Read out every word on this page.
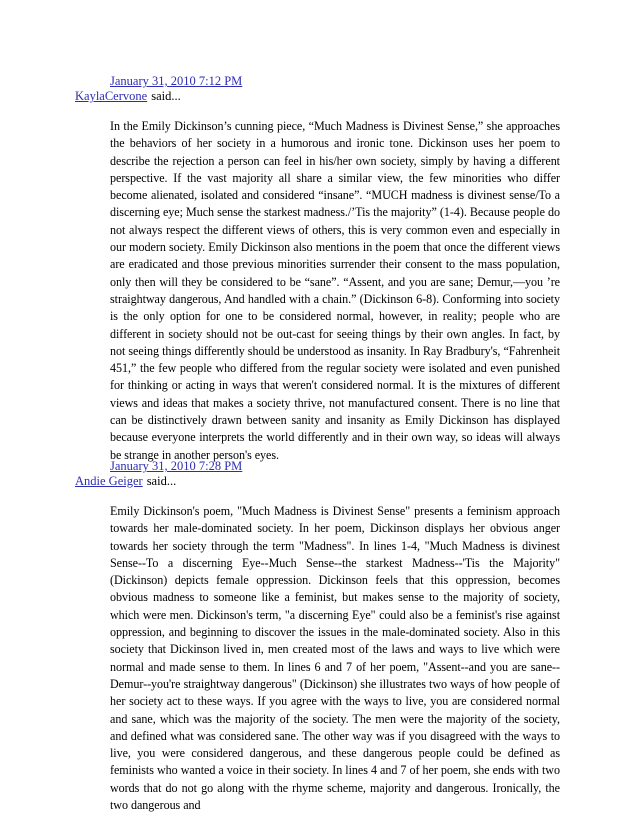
January 31, 2010 7:12 PM
KaylaCervone said...
In the Emily Dickinson’s cunning piece, “Much Madness is Divinest Sense,” she approaches the behaviors of her society in a humorous and ironic tone. Dickinson uses her poem to describe the rejection a person can feel in his/her own society, simply by having a different perspective. If the vast majority all share a similar view, the few minorities who differ become alienated, isolated and considered “insane”. “MUCH madness is divinest sense/To a discerning eye; Much sense the starkest madness./’Tis the majority” (1-4). Because people do not always respect the different views of others, this is very common even and especially in our modern society. Emily Dickinson also mentions in the poem that once the different views are eradicated and those previous minorities surrender their consent to the mass population, only then will they be considered to be “sane”. “Assent, and you are sane; Demur,—you ’re straightway dangerous, And handled with a chain.” (Dickinson 6-8). Conforming into society is the only option for one to be considered normal, however, in reality; people who are different in society should not be out-cast for seeing things by their own angles. In fact, by not seeing things differently should be understood as insanity. In Ray Bradbury's, “Fahrenheit 451,” the few people who differed from the regular society were isolated and even punished for thinking or acting in ways that weren't considered normal. It is the mixtures of different views and ideas that makes a society thrive, not manufactured consent. There is no line that can be distinctively drawn between sanity and insanity as Emily Dickinson has displayed because everyone interprets the world differently and in their own way, so ideas will always be strange in another person's eyes.
January 31, 2010 7:28 PM
Andie Geiger said...
Emily Dickinson's poem, "Much Madness is Divinest Sense" presents a feminism approach towards her male-dominated society. In her poem, Dickinson displays her obvious anger towards her society through the term "Madness". In lines 1-4, "Much Madness is divinest Sense--To a discerning Eye--Much Sense--the starkest Madness--'Tis the Majority" (Dickinson) depicts female oppression. Dickinson feels that this oppression, becomes obvious madness to someone like a feminist, but makes sense to the majority of society, which were men. Dickinson's term, "a discerning Eye" could also be a feminist's rise against oppression, and beginning to discover the issues in the male-dominated society. Also in this society that Dickinson lived in, men created most of the laws and ways to live which were normal and made sense to them. In lines 6 and 7 of her poem, "Assent--and you are sane--Demur--you're straightway dangerous" (Dickinson) she illustrates two ways of how people of her society act to these ways. If you agree with the ways to live, you are considered normal and sane, which was the majority of the society. The men were the majority of the society, and defined what was considered sane. The other way was if you disagreed with the ways to live, you were considered dangerous, and these dangerous people could be defined as feminists who wanted a voice in their society. In lines 4 and 7 of her poem, she ends with two words that do not go along with the rhyme scheme, majority and dangerous. Ironically, the two dangerous and
